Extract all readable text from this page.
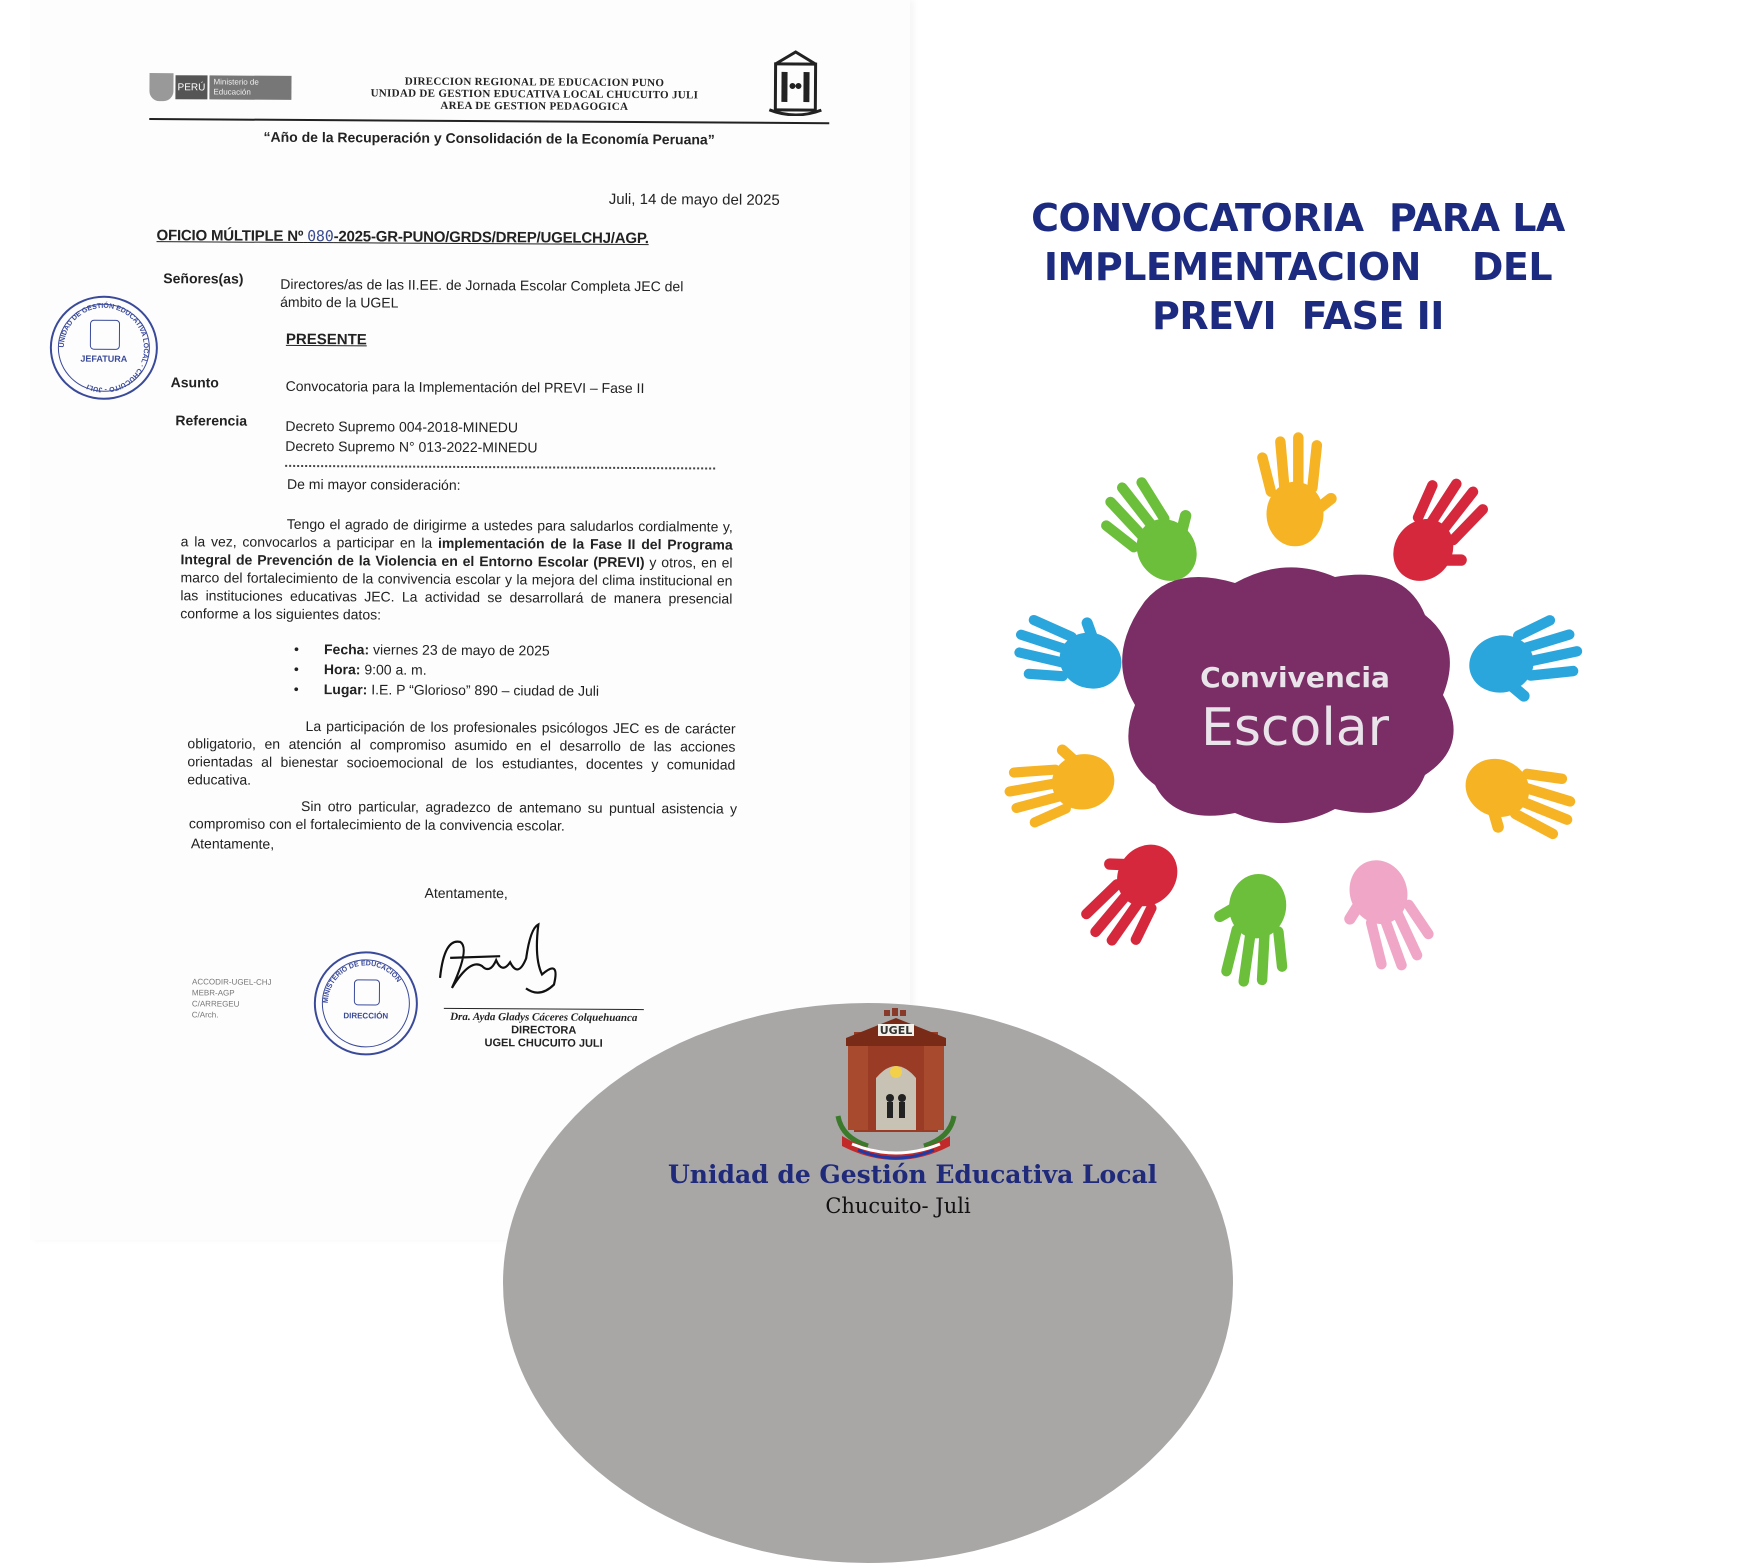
PERÚ	Ministerio de Educación
DIRECCION REGIONAL DE EDUCACION PUNO
UNIDAD DE GESTION EDUCATIVA LOCAL CHUCUITO JULI
AREA DE GESTION PEDAGOGICA
“Año de la Recuperación y Consolidación de la Economía Peruana”
Juli, 14 de mayo del 2025
OFICIO MÚLTIPLE Nº 080-2025-GR-PUNO/GRDS/DREP/UGELCHJ/AGP.
Señores(as)	Directores/as de las II.EE. de Jornada Escolar Completa JEC del ámbito de la UGEL
PRESENTE
UNIDAD DE GESTIÓN EDUCATIVA LOCAL · CHUCUITO - JULI
JEFATURA
Asunto	Convocatoria para la Implementación del PREVI – Fase II
Referencia	Decreto Supremo 004-2018-MINEDU
Decreto Supremo N° 013-2022-MINEDU
De mi mayor consideración:
Tengo el agrado de dirigirme a ustedes para saludarlos cordialmente y, a la vez, convocarlos a participar en la implementación de la Fase II del Programa Integral de Prevención de la Violencia en el Entorno Escolar (PREVI) y otros, en el marco del fortalecimiento de la convivencia escolar y la mejora del clima institucional en las instituciones educativas JEC. La actividad se desarrollará de manera presencial conforme a los siguientes datos:
• Fecha: viernes 23 de mayo de 2025
• Hora: 9:00 a. m.
• Lugar: I.E. P “Glorioso” 890 – ciudad de Juli
La participación de los profesionales psicólogos JEC es de carácter obligatorio, en atención al compromiso asumido en el desarrollo de las acciones orientadas al bienestar socioemocional de los estudiantes, docentes y comunidad educativa.
Sin otro particular, agradezco de antemano su puntual asistencia y compromiso con el fortalecimiento de la convivencia escolar.
Atentamente,
Atentamente,
ACCODIR-UGEL-CHJ
MEBR-AGP
C/ARREGEU
C/Arch.
MINISTERIO DE EDUCACIÓN
DIRECCIÓN	Dra. Ayda Gladys Cáceres Colquehuanca
DIRECTORA
UGEL CHUCUITO JULI
CONVOCATORIA  PARA LA
IMPLEMENTACION    DEL
PREVI  FASE II
Convivencia
Escolar
UGEL
Unidad de Gestión Educativa Local
Chucuito- Juli
